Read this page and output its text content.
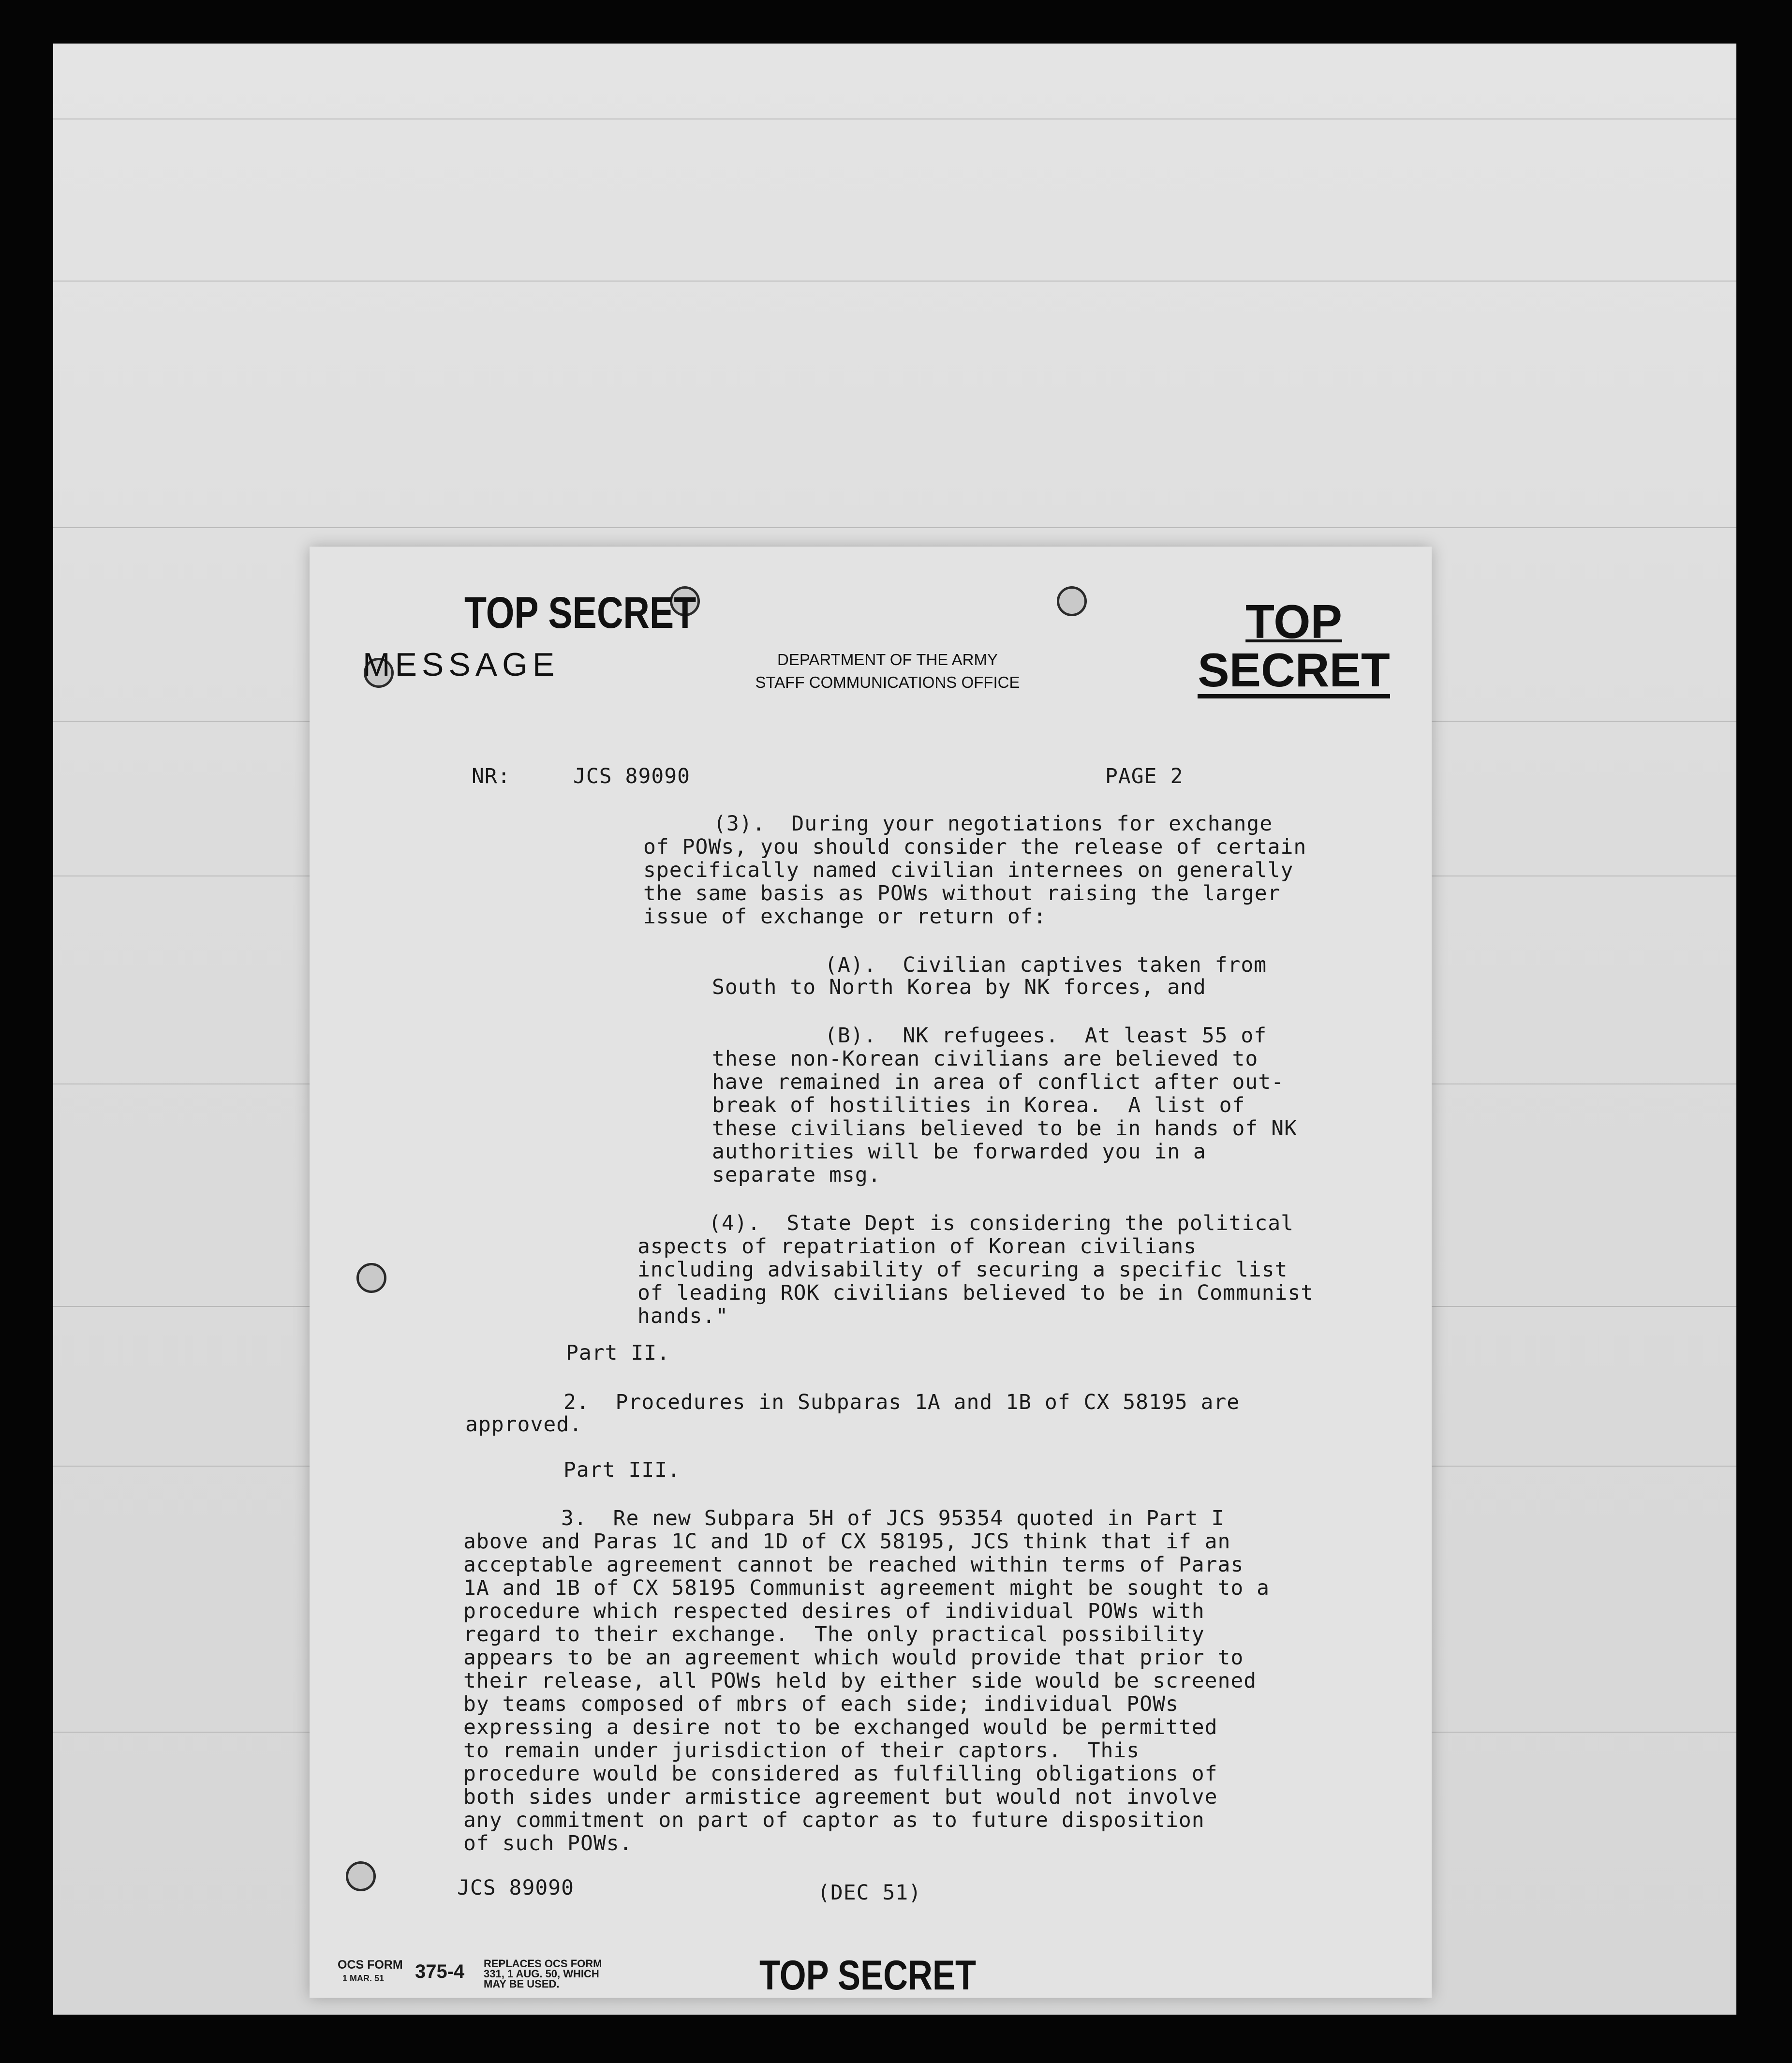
TOP SECRET
DEPARTMENT OF THE ARMY
STAFF COMMUNICATIONS OFFICE
MESSAGE
TOP
SECRET
NR:	JCS 89090	PAGE 2
(3).  During your negotiations for exchange
of POWs, you should consider the release of certain
specifically named civilian internees on generally
the same basis as POWs without raising the larger
issue of exchange or return of:
(A).  Civilian captives taken from
South to North Korea by NK forces, and
(B).  NK refugees.  At least 55 of
these non-Korean civilians are believed to
have remained in area of conflict after out-
break of hostilities in Korea.  A list of
these civilians believed to be in hands of NK
authorities will be forwarded you in a
separate msg.
(4).  State Dept is considering the political
aspects of repatriation of Korean civilians
including advisability of securing a specific list
of leading ROK civilians believed to be in Communist
hands."
Part II.
2.  Procedures in Subparas 1A and 1B of CX 58195 are
approved.
Part III.
3.  Re new Subpara 5H of JCS 95354 quoted in Part I
above and Paras 1C and 1D of CX 58195, JCS think that if an
acceptable agreement cannot be reached within terms of Paras
1A and 1B of CX 58195 Communist agreement might be sought to a
procedure which respected desires of individual POWs with
regard to their exchange.  The only practical possibility
appears to be an agreement which would provide that prior to
their release, all POWs held by either side would be screened
by teams composed of mbrs of each side; individual POWs
expressing a desire not to be exchanged would be permitted
to remain under jurisdiction of their captors.  This
procedure would be considered as fulfilling obligations of
both sides under armistice agreement but would not involve
any commitment on part of captor as to future disposition
of such POWs.
JCS 89090	(DEC 51)
OCS FORM
1 MAR. 51 375-4 REPLACES OCS FORM
331, 1 AUG. 50, WHICH
MAY BE USED.	TOP SECRET
